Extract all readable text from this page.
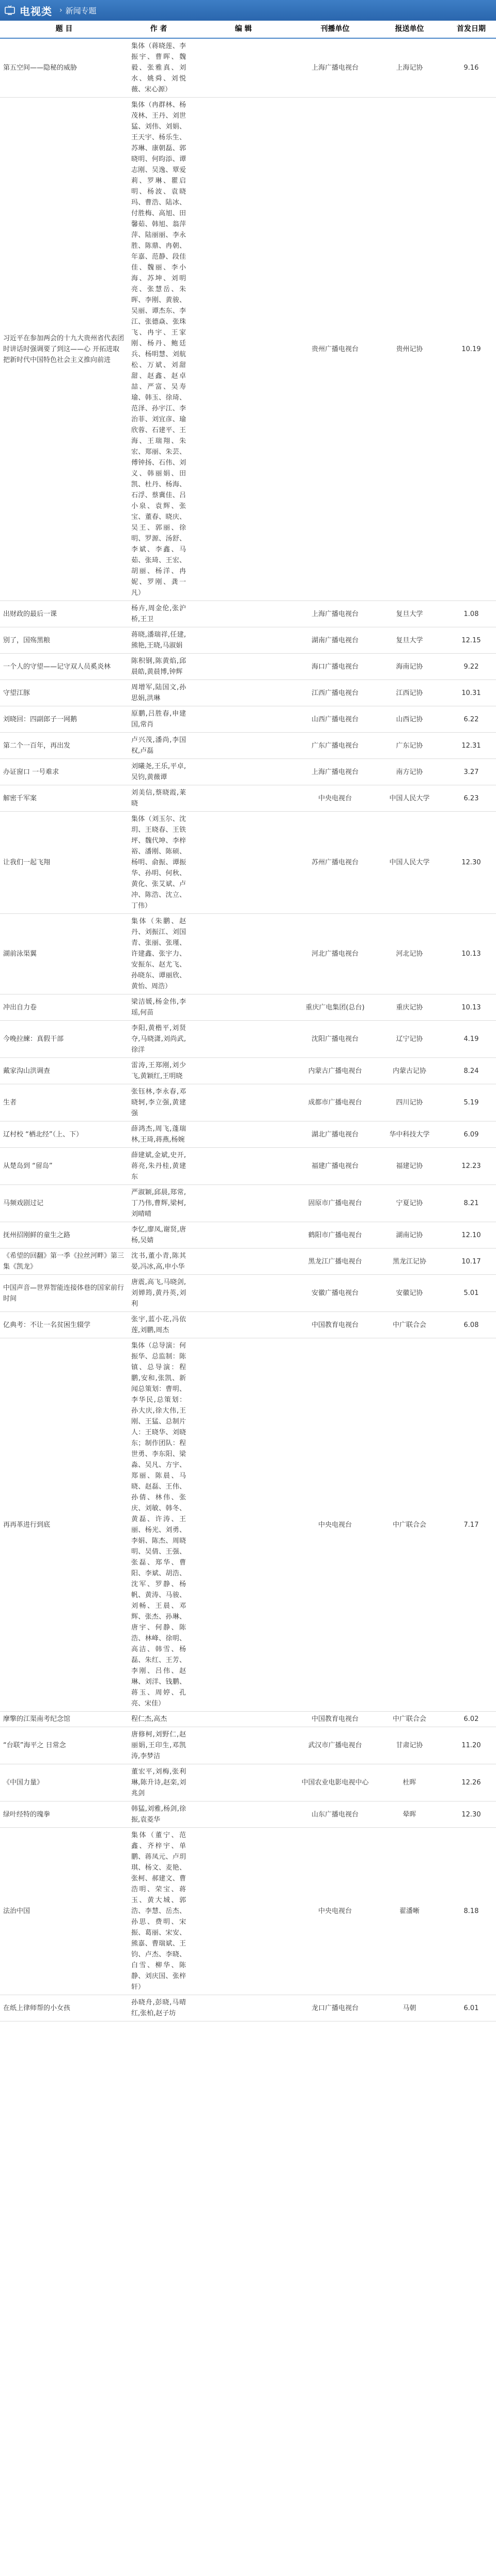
电视类 › 新闻专题
题 目	作 者	编 辑	刊播单位	报送单位	首发日期
第五空间——隐秘的威胁	集体（蒋晓莲、李振宇、曹晖、魏毅、张雅真、刘水、姚舜、刘悦薇、宋心源）		上海广播电视台	上海记协	9.16
习近平在参加两会的十九大贵州省代表团时讲话时强调要了到这——心 开拓进取 把新时代中国特色社会主义推向前进	集体（冉群林、杨茂林、王丹、刘世猛、刘伟、刘娟、王天宇、杨乐生、苏琳、康朝磊、郭晓明、何昀添、谭志刚、吴逸、覃爱莉、罗琳、瞿启明、杨波、袁晓玛、曹浩、陆冰、付胜梅、高旭、田馨茹、韩旭、翁萍萍、陆丽丽、李永胜、陈鼎、冉朝、年嘉、范静、段佳佳、魏丽、李小海、苏坤、刘明亮、张慧岳、朱晖、李刚、黄骏、吴丽、谭杰东、李江、张德焱、张珠飞、冉宇、王家刚、杨丹、鲍廷兵、杨明慧、刘航松、万斌、刘甜甜、赵鑫、赵卓喆、严富、吴寿瑜、韩玉、徐琦、范泽、孙宇江、李治菲、刘宜彦、瑜欣蓉、石建平、王海、王瑞翔、朱宏、郑丽、朱芸、傅钟扬、石伟、刘义、韩丽娟、田凯、杜丹、杨海、石浮、蔡冀佳、吕小泉、袁辉、张宝、董春、晓庆、吴王、郭丽、徐明、罗源、汤舒、李斌、李鑫、马茹、张琦、王宏、胡丽、杨洋、冉妮、罗刚、龚一凡）		贵州广播电视台	贵州记协	10.19
出财政的最后一课	杨卉,周金伦,张沪桥,王卫		上海广播电视台	复旦大学	1.08
别了，国殇黑粮	蒋晓,潘瑞祥,任建,熊艳,王晓,马淑娟		湖南广播电视台	复旦大学	12.15
一个人的守望——记守双人员奚炎林	陈积钢,陈黄焰,邱晨皓,黄晨博,钟辉		海口广播电视台	海南记协	9.22
守望江豚	周增军,陆国文,孙思娟,洪琳		江西广播电视台	江西记协	10.31
刘晓回：四副郎子一网鹅	原鹏,吕胜春,申建国,常肖		山西广播电视台	山西记协	6.22
第二个一百年，再出发	卢兴茂,潘尚,李国权,卢磊		广东广播电视台	广东记协	12.31
办证窗口 一号难求	刘曦尧,王乐,平卓,吴钧,黄薇谭		上海广播电视台	南方记协	3.27
解密千军案	刘美信,蔡晓霞,莱晓		中央电视台	中国人民大学	6.23
让我们一起飞翔	集体（刘玉尔、沈玥、王晓春、王铁坪、魏代坤、李梓裕、潘刚、陈硕、杨明、俞振、谭振华、孙明、何秋、黄化、张艾斌、卢冲、陈浩、沈立、丁伟）		苏州广播电视台	中国人民大学	12.30
湖前泳渠翼	集体（朱鹏、赵丹、刘振江、刘国青、张丽、张瑾、许建鑫、张宇力、安振东、赵尤飞、孙晓东、谭丽欣、黄怡、周浩）		河北广播电视台	河北记协	10.13
冲出自力卷	梁洁媛,杨金伟,李瑶,何苗		重庆广电集团(总台)	重庆记协	10.13
今晚拉練：真假干部	李阳,黄楷平,刘贤夺,马晓潇,刘尚武,徐洋		沈阳广播电视台	辽宁记协	4.19
戴家沟山洪调查	雷涛,王郑刚,刘少飞,黄颖红,王明晓		内蒙古广播电视台	内蒙古记协	8.24
生者	张钰林,李永春,邓晓轲,李立强,黄建强		成都市广播电视台	四川记协	5.19
辽村校 “栖北经”（上、下）	薛鸿杰,周飞,蓬瑞林,王琦,蒋燕,杨婉		湖北广播电视台	华中科技大学	6.09
从楚岛到 “留岛”	薛建斌,金斌,史开,蒋亮,朱丹桂,黄建东		福建广播电视台	福建记协	12.23
马频戏剧过记	严淑颖,邱晨,郑常,丁乃伟,曹辉,梁柯,刘晴晴		固原市广播电视台	宁夏记协	8.21
抚州招刚鲜的童生之路	李忆,廖凤,谢贤,唐杨,吴婧		鹤阳市广播电视台	湖南记协	12.10
《希望的回翻》第一季《拉丝河畔》第三集《凯龙》	沈书,董小青,陈其晏,冯冰,高,申小华		黑龙江广播电视台	黑龙江记协	10.17
中国声音—世界智能连接体巷的国家前行时间	唐震,高飞,马晓剑,刘婵筠,黄丹英,刘利		安徽广播电视台	安徽记协	5.01
亿典考：不让一名贫困生辍学	张宇,蓝小花,冯依莲,刘鹏,周杰		中国教育电视台	中广联合会	6.08
再再革进行到底	集体（总导演：何振华、总监制：陈镇、总导演：程鹏,安和,张凯、新闻总策划：曹明、李华民,总策划：孙大庆,徐大伟,王刚、王猛、总制片人：王晓华、刘晓东；制作团队：程世勇、李东阳、梁淼、吴凡、方宇、郑丽、陈晨、马晓、赵磊、王伟、孙倩、林伟、张庆、刘敏、韩冬、黄磊、许涛、王丽、杨光、刘勇、李娟、陈杰、周晓明、吴倩、王强、张磊、郑华、曹阳、李斌、胡浩、沈军、罗静、杨帆、黄涛、马骏、刘畅、王晨、邓辉、张杰、孙琳、唐宇、何静、陈浩、林峰、徐明、高洁、韩雪、杨磊、朱红、王芳、李刚、吕伟、赵琳、刘洋、钱鹏、蒋玉、周婷、孔亮、宋佳）		中央电视台	中广联合会	7.17
摩擎的江渠南考纪念馆	程仁杰,高杰		中国教育电视台	中广联合会	6.02
“台联”海平之 日常念	唐修柯,刘野仁,赵丽娟,王印生,邓凯涛,李梦洁		武汉市广播电视台	甘肃记协	11.20
《中国力量》	董宏平,刘梅,张利琳,陈升诗,赵栾,刘兆剑		中国农业电影电视中心	杜晖	12.26
绿叶经特的瑰拳	韩猛,刘雅,杨剑,徐振,袁菱华		山东广播电视台	晕晖	12.30
法治中国	集体（董宁、范鑫、齐梓宇、单鹏、蒋凤元、卢玥琪、杨文、麦艳、张柯、郝建文、曹浩明、荣宝、蒋玉、黄大城、郭浩、李慧、岳杰、孙思、费明、宋振、葛丽、宋安、熊嘉、曹瑞斌、王钧、卢杰、李晓、白雪、柳华、陈静、刘庆国、张梓轩）		中央电视台	翟潘晰	8.18
在纸上律师帮的小女孩	孙晓舟,彭晓,马晴红,张柏,赵子坊		龙口广播电视台	马朝	6.01
